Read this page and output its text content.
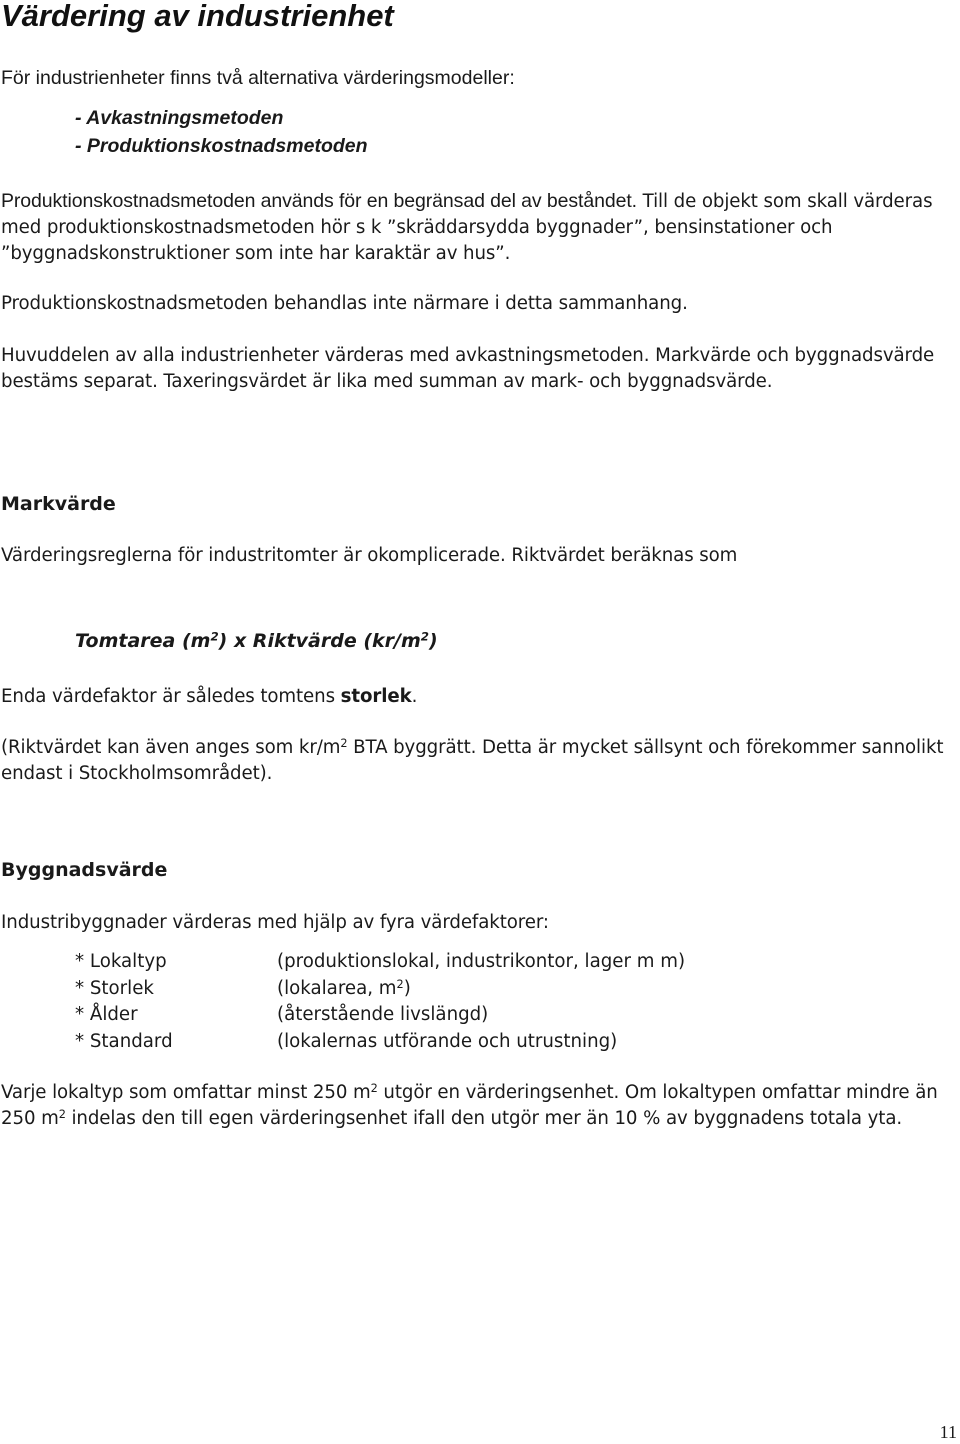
Värdering av industrienhet

För industrienheter finns två alternativa värderingsmodeller:

- Avkastningsmetoden
- Produktionskostnadsmetoden

Produktionskostnadsmetoden används för en begränsad del av beståndet. Till de objekt som skall värderas med produktionskostnadsmetoden hör s k ”skräddarsydda byggnader”, bensinstationer och ”byggnadskonstruktioner som inte har karaktär av hus”.

Produktionskostnadsmetoden behandlas inte närmare i detta sammanhang.

Huvuddelen av alla industrienheter värderas med avkastningsmetoden. Markvärde och byggnadsvärde bestäms separat. Taxeringsvärdet är lika med summan av mark- och byggnadsvärde.

Markvärde

Värderingsreglerna för industritomter är okomplicerade. Riktvärdet beräknas som

Tomtarea $(m^2)$ x Riktvärde $(kr/m^2)$

Enda värdefaktor är således tomtens storlek.

(Riktvärdet kan även anges som $kr/m^2$ BTA byggrätt. Detta är mycket sällsynt och förekommer sannolikt endast i Stockholmsområdet).

Byggnadsvärde

Industribyggnader värderas med hjälp av fyra värdefaktorer:

* Lokaltyp	(produktionslokal, industrikontor, lager m m)
* Storlek	(lokalarea, $m^2$)
* Ålder	(återstående livslängd)
* Standard	(lokalernas utförande och utrustning)

Varje lokaltyp som omfattar minst 250 $m^2$ utgör en värderingsenhet. Om lokaltypen omfattar mindre än 250 $m^2$ indelas den till egen värderingsenhet ifall den utgör mer än 10 % av byggnadens totala yta.

11
